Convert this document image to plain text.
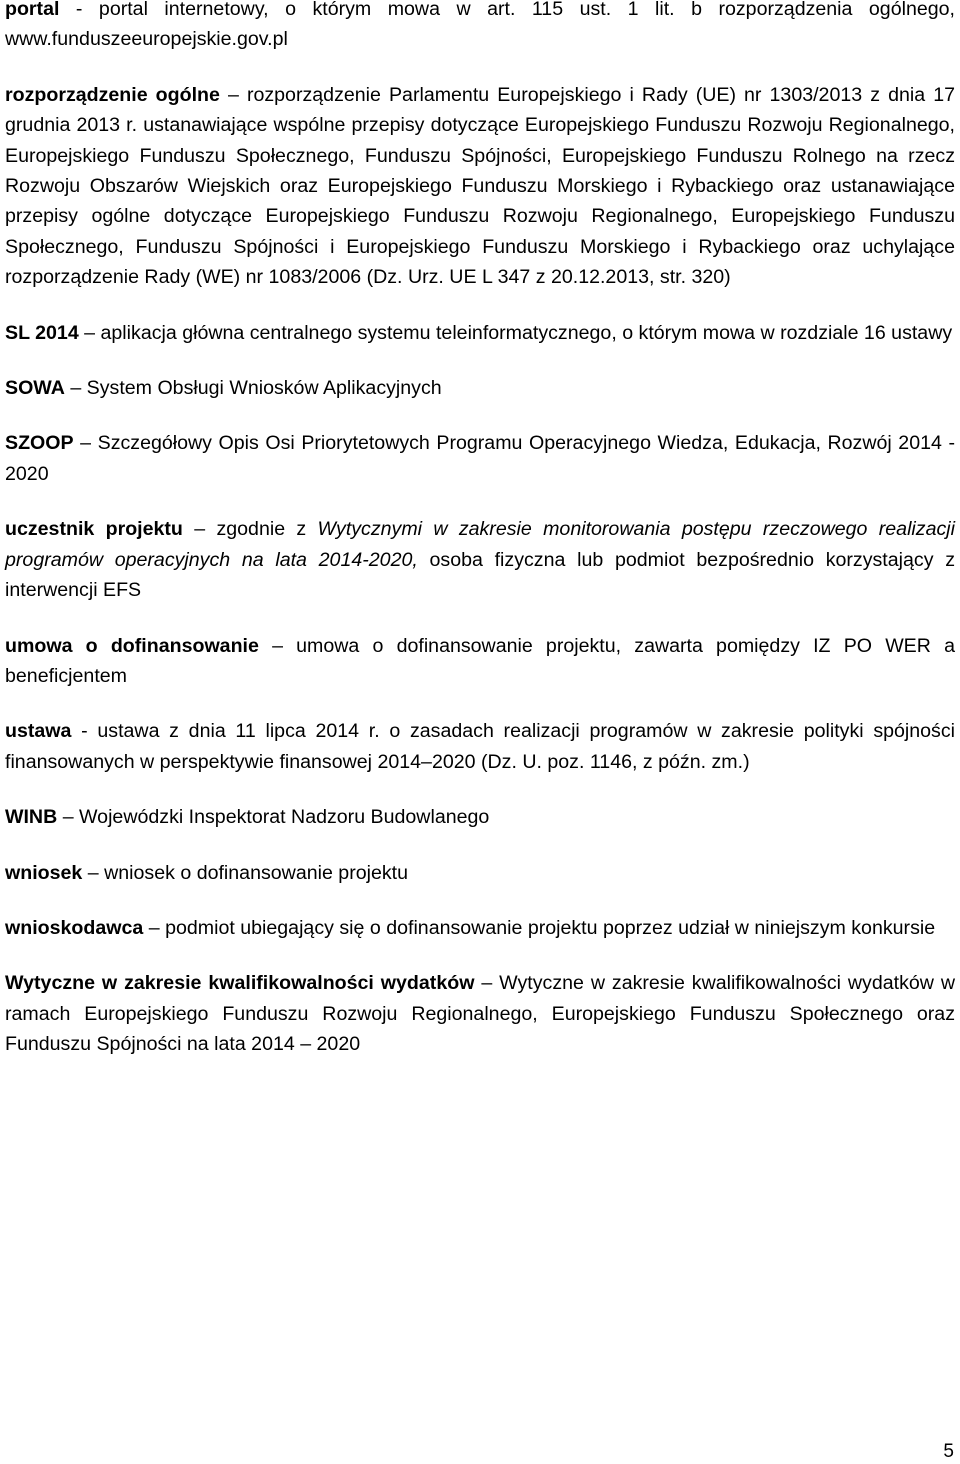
portal - portal internetowy, o którym mowa w art. 115 ust. 1 lit. b rozporządzenia ogólnego, www.funduszeeuropejskie.gov.pl

rozporządzenie ogólne – rozporządzenie Parlamentu Europejskiego i Rady (UE) nr 1303/2013 z dnia 17 grudnia 2013 r. ustanawiające wspólne przepisy dotyczące Europejskiego Funduszu Rozwoju Regionalnego, Europejskiego Funduszu Społecznego, Funduszu Spójności, Europejskiego Funduszu Rolnego na rzecz Rozwoju Obszarów Wiejskich oraz Europejskiego Funduszu Morskiego i Rybackiego oraz ustanawiające przepisy ogólne dotyczące Europejskiego Funduszu Rozwoju Regionalnego, Europejskiego Funduszu Społecznego, Funduszu Spójności i Europejskiego Funduszu Morskiego i Rybackiego oraz uchylające rozporządzenie Rady (WE) nr 1083/2006 (Dz. Urz. UE L 347 z 20.12.2013, str. 320)

SL 2014 – aplikacja główna centralnego systemu teleinformatycznego, o którym mowa w rozdziale 16 ustawy

SOWA – System Obsługi Wniosków Aplikacyjnych

SZOOP – Szczegółowy Opis Osi Priorytetowych Programu Operacyjnego Wiedza, Edukacja, Rozwój 2014 - 2020

uczestnik projektu – zgodnie z Wytycznymi w zakresie monitorowania postępu rzeczowego realizacji programów operacyjnych na lata 2014-2020, osoba fizyczna lub podmiot bezpośrednio korzystający z interwencji EFS

umowa o dofinansowanie – umowa o dofinansowanie projektu, zawarta pomiędzy IZ PO WER a beneficjentem

ustawa - ustawa z dnia 11 lipca 2014 r. o zasadach realizacji programów w zakresie polityki spójności finansowanych w perspektywie finansowej 2014–2020 (Dz. U. poz. 1146, z późn. zm.)

WINB – Wojewódzki Inspektorat Nadzoru Budowlanego

wniosek – wniosek o dofinansowanie projektu

wnioskodawca – podmiot ubiegający się o dofinansowanie projektu poprzez udział w niniejszym konkursie

Wytyczne w zakresie kwalifikowalności wydatków – Wytyczne w zakresie kwalifikowalności wydatków w ramach Europejskiego Funduszu Rozwoju Regionalnego, Europejskiego Funduszu Społecznego oraz Funduszu Spójności na lata 2014 – 2020

5
